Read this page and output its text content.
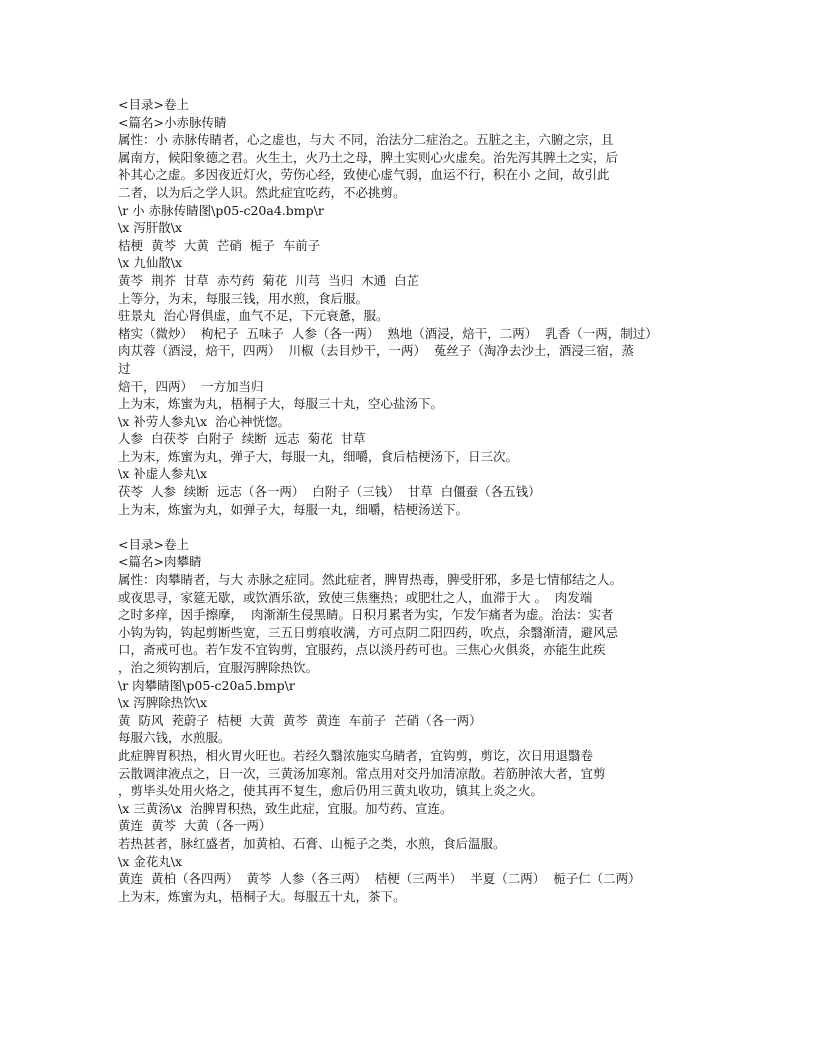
<目录>卷上
<篇名>小赤脉传睛
属性：小 赤脉传睛者，心之虚也，与大 不同，治法分二症治之。五脏之主，六腑之宗，且
属南方，候阳象德之君。火生土，火乃土之母，脾土实则心火虚矣。治先泻其脾土之实，后
补其心之虚。多因夜近灯火，劳伤心经，致使心虚气弱，血运不行，积在小 之间，故引此
二者，以为后之学人识。然此症宜吃药，不必挑剪。
\r 小 赤脉传睛图\p05-c20a4.bmp\r
\x 泻肝散\x
桔梗  黄芩  大黄  芒硝  栀子  车前子
\x 九仙散\x
黄芩  荆芥  甘草  赤芍药  菊花  川芎  当归  木通  白芷
上等分，为末，每服三钱，用水煎，食后服。
驻景丸  治心肾俱虚，血气不足，下元衰惫，服。
楮实（微炒）  枸杞子  五味子  人参（各一两）  熟地（酒浸，焙干，二两）  乳香（一两，制过）
肉苁蓉（酒浸，焙干，四两）  川椒（去目炒干，一两）  菟丝子（淘净去沙土，酒浸三宿，蒸
过
焙干，四两）  一方加当归
上为末，炼蜜为丸，梧桐子大，每服三十丸，空心盐汤下。
\x 补劳人参丸\x  治心神恍惚。
人参  白茯苓  白附子  续断  远志  菊花  甘草
上为末，炼蜜为丸，弹子大，每服一丸，细嚼，食后桔梗汤下，日三次。
\x 补虚人参丸\x
茯苓  人参  续断  远志（各一两）  白附子（三钱）  甘草  白僵蚕（各五钱）
上为末，炼蜜为丸，如弹子大，每服一丸，细嚼，桔梗汤送下。
<目录>卷上
<篇名>肉攀睛
属性：肉攀睛者，与大 赤脉之症同。然此症者，脾胃热毒，脾受肝邪，多是七情郁结之人。
或夜思寻，家筵无歇，或饮酒乐欲，致使三焦壅热；或肥壮之人，血滞于大 。  肉发端
之时多痒，因手擦摩，  肉渐渐生侵黑睛。日积月累者为实，乍发乍痛者为虚。治法：实者
小钩为钩，钩起剪断些宽，三五日剪痕收满，方可点阴二阳四药，吹点，余翳渐清，避风忌
口，斋戒可也。若乍发不宜钩剪，宜服药，点以淡丹药可也。三焦心火俱炎，亦能生此疾
，治之须钩割后，宜服泻脾除热饮。
\r 肉攀睛图\p05-c20a5.bmp\r
\x 泻脾除热饮\x
黄  防风  茺蔚子  桔梗  大黄  黄芩  黄连  车前子  芒硝（各一两）
每服六钱，水煎服。
此症脾胃积热，相火胃火旺也。若经久翳浓施实乌睛者，宜钩剪，剪讫，次日用退翳卷
云散调津液点之，日一次，三黄汤加寒剂。常点用对交丹加清凉散。若筋肿浓大者，宜剪
，剪毕头处用火烙之，使其再不复生，愈后仍用三黄丸收功，镇其上炎之火。
\x 三黄汤\x  治脾胃积热，致生此症，宜服。加芍药、宣连。
黄连  黄芩  大黄（各一两）
若热甚者，脉红盛者，加黄柏、石膏、山栀子之类，水煎，食后温服。
\x 金花丸\x
黄连  黄柏（各四两）  黄芩  人参（各三两）  桔梗（三两半）  半夏（二两）  栀子仁（二两）
上为末，炼蜜为丸，梧桐子大。每服五十丸，茶下。
